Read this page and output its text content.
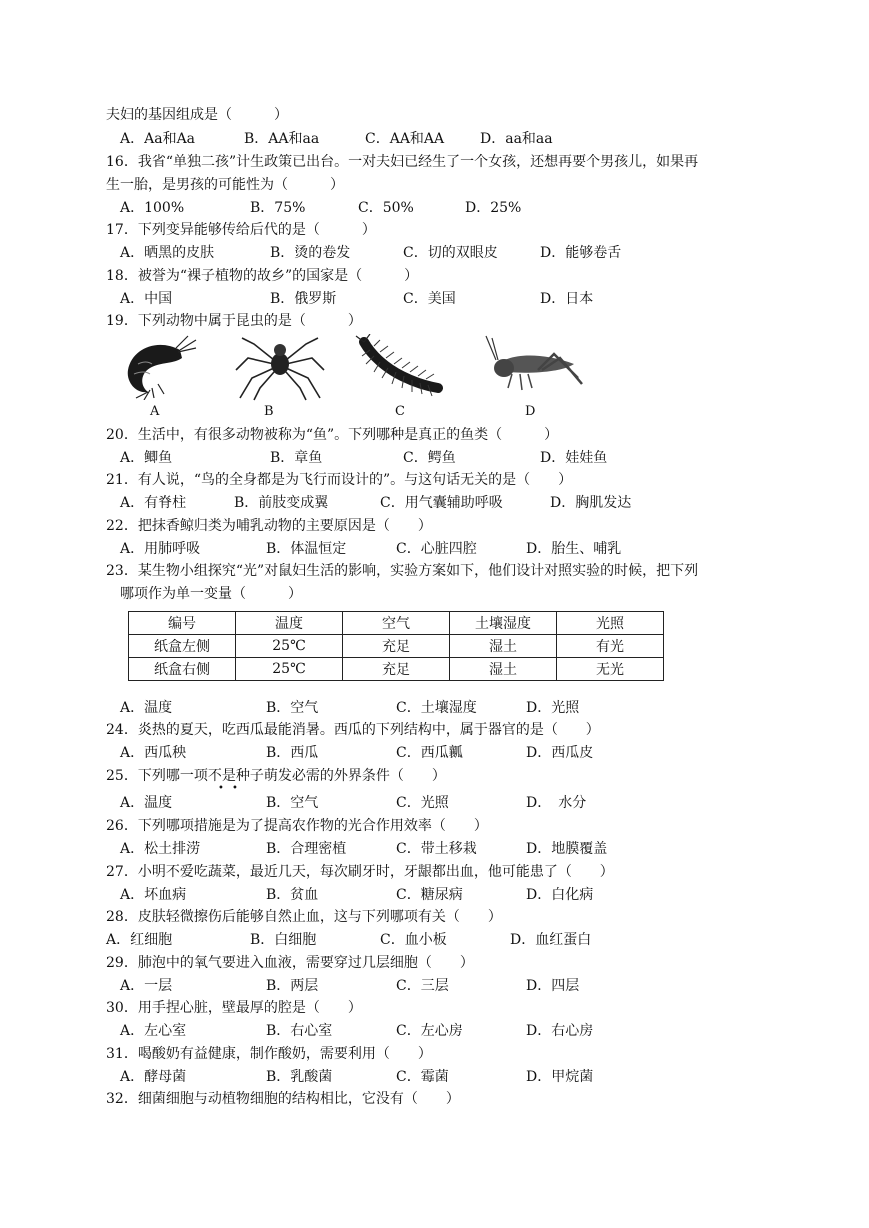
夫妇的基因组成是（　　　）

A．Aa和Aa

	B．AA和aa

	C．AA和AA

	D．aa和aa

16．我省“单独二孩”计生政策已出台。一对夫妇已经生了一个女孩，还想再要个男孩儿，如果再
生一胎，是男孩的可能性为（　　　）

A．100%

	B．75%

	C．50%

	D．25%

17．下列变异能够传给后代的是（　　　）

A．晒黑的皮肤

	B．烫的卷发

	C．切的双眼皮

	D．能够卷舌

18．被誉为“裸子植物的故乡”的国家是（　　　）

A．中国

	B．俄罗斯

	C．美国

	D．日本

19．下列动物中属于昆虫的是（　　　）
A	B	C	D
20．生活中，有很多动物被称为“鱼”。下列哪种是真正的鱼类（　　　）

A．鲫鱼

	B．章鱼

	C．鳄鱼

	D．娃娃鱼

21．有人说，“鸟的全身都是为飞行而设计的”。与这句话无关的是（　　）

A．有脊柱

	B．前肢变成翼

	C．用气囊辅助呼吸

	D．胸肌发达

22．把抹香鲸归类为哺乳动物的主要原因是（　　）

A．用肺呼吸

	B．体温恒定

	C．心脏四腔

	D．胎生、哺乳

23．某生物小组探究“光”对鼠妇生活的影响，实验方案如下，他们设计对照实验的时候，把下列
哪项作为单一变量（　　　）
编号	温度	空气	土壤湿度	光照
纸盒左侧	25℃	充足	湿土	有光
纸盒右侧	25℃	充足	湿土	无光

A．温度

	B．空气

	C．土壤湿度

	D．光照

24．炎热的夏天，吃西瓜最能消暑。西瓜的下列结构中，属于器官的是（　　）

A．西瓜秧

	B．西瓜

	C．西瓜瓤

	D．西瓜皮

25．下列哪一项不是种子萌发必需的外界条件（　　）
• •

A．温度

	B．空气

	C．光照

	D．　水分

26．下列哪项措施是为了提高农作物的光合作用效率（　　）

A．松土排涝

	B．合理密植

	C．带土移栽

	D．地膜覆盖

27．小明不爱吃蔬菜，最近几天，每次刷牙时，牙龈都出血，他可能患了（　　）

A．坏血病

	B．贫血

	C．糖尿病

	D．白化病

28．皮肤轻微擦伤后能够自然止血，这与下列哪项有关（　　）

A．红细胞

	B．白细胞

	C．血小板

	D．血红蛋白

29．肺泡中的氧气要进入血液，需要穿过几层细胞（　　）

A．一层

	B．两层

	C．三层

	D．四层

30．用手捏心脏，壁最厚的腔是（　　）

A．左心室

	B．右心室

	C．左心房

	D．右心房

31．喝酸奶有益健康，制作酸奶，需要利用（　　）

A．酵母菌

	B．乳酸菌

	C．霉菌

	D．甲烷菌

32．细菌细胞与动植物细胞的结构相比，它没有（　　）
